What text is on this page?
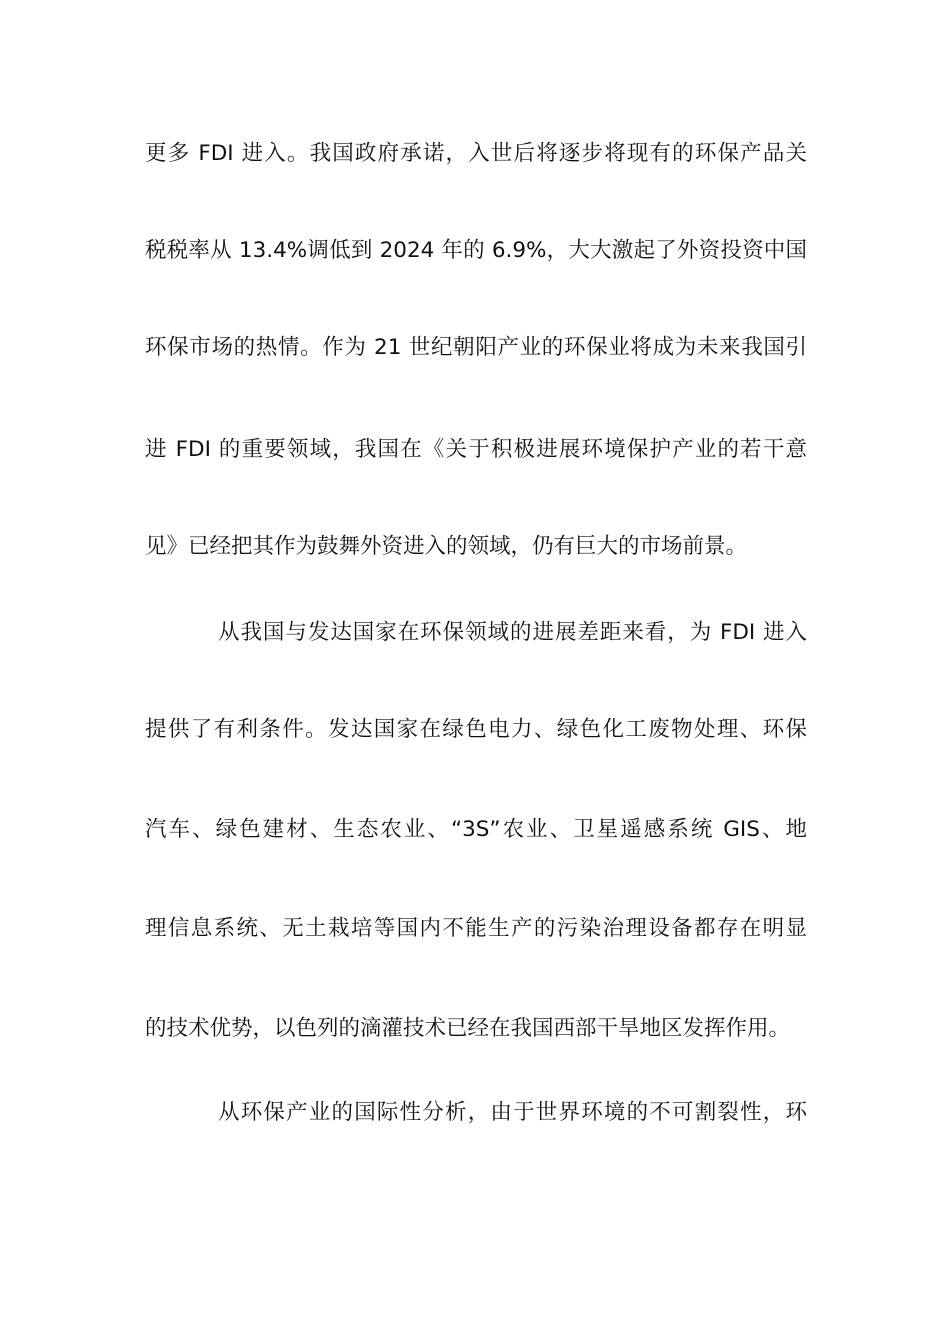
更多 FDI 进入。我国政府承诺，入世后将逐步将现有的环保产品关
税税率从 13.4%调低到 2024 年的 6.9%，大大激起了外资投资中国
环保市场的热情。作为 21 世纪朝阳产业的环保业将成为未来我国引
进 FDI 的重要领域，我国在《关于积极进展环境保护产业的若干意
见》已经把其作为鼓舞外资进入的领域，仍有巨大的市场前景。
从我国与发达国家在环保领域的进展差距来看，为 FDI 进入
提供了有利条件。发达国家在绿色电力、绿色化工废物处理、环保
汽车、绿色建材、生态农业、“3S”农业、卫星遥感系统 GIS、地
理信息系统、无土栽培等国内不能生产的污染治理设备都存在明显
的技术优势，以色列的滴灌技术已经在我国西部干旱地区发挥作用。
从环保产业的国际性分析，由于世界环境的不可割裂性，环
